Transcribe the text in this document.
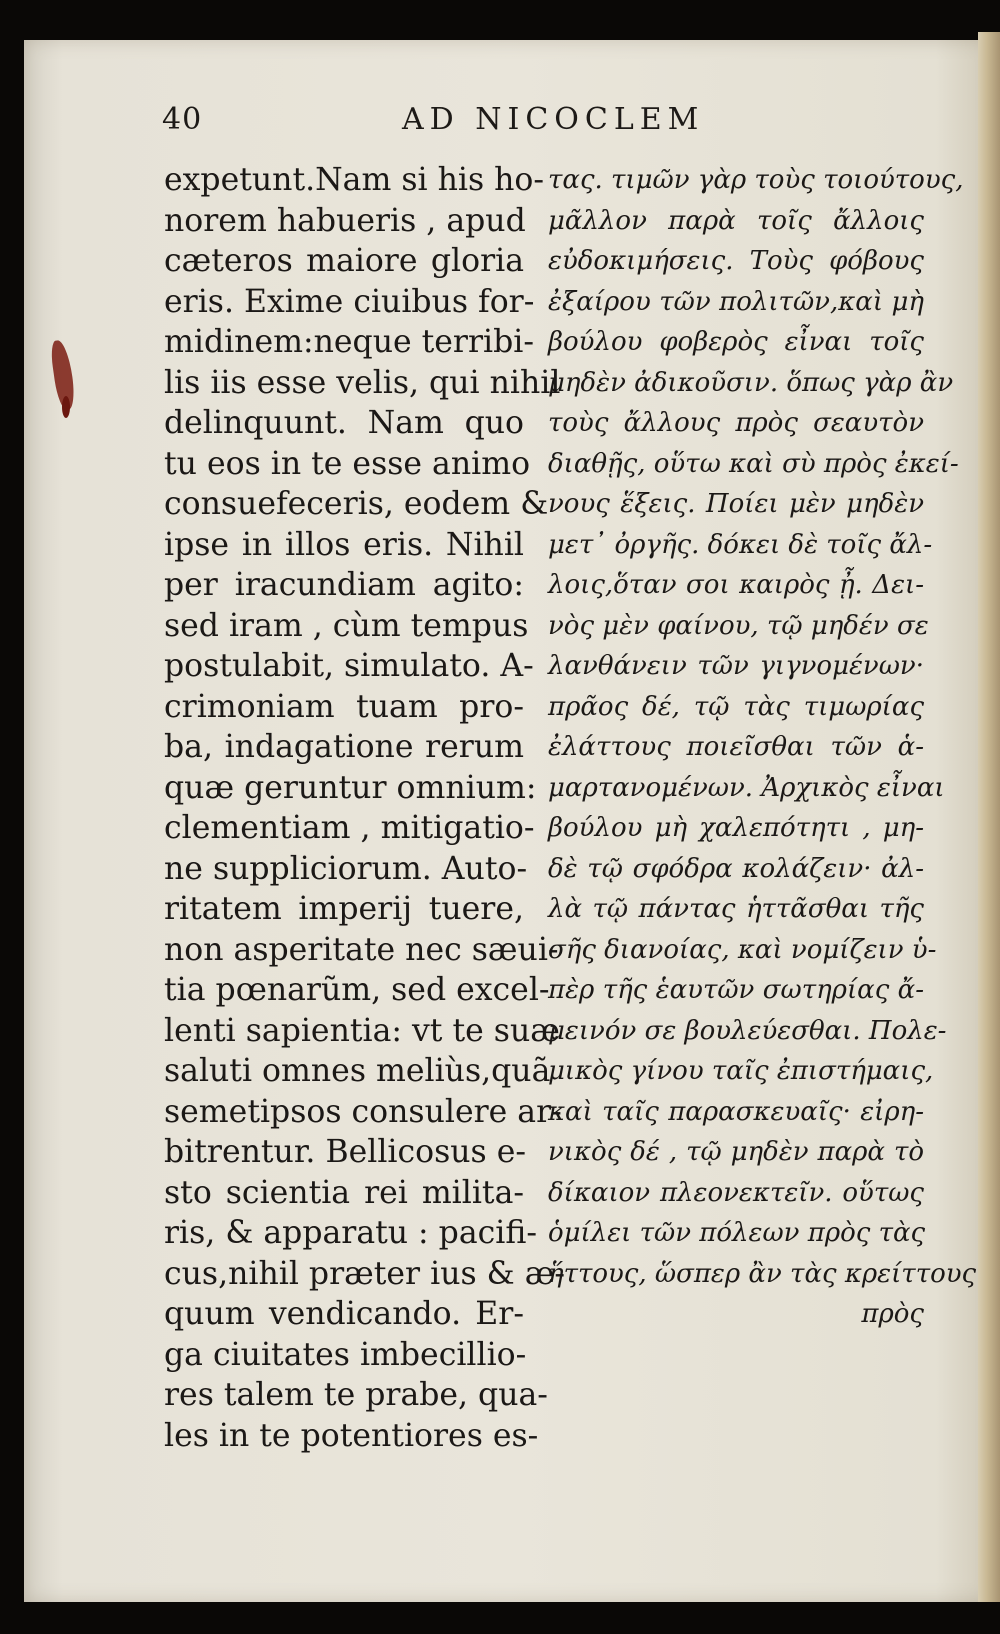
40	AD NICOCLEM
expetunt.Nam si his ho-
norem habueris , apud
cæteros maiore gloria
eris. Exime ciuibus for-
midinem:neque terribi-
lis iis esse velis, qui nihil
delinquunt. Nam quo
tu eos in te esse animo
consuefeceris, eodem &
ipse in illos eris. Nihil
per iracundiam agito:
sed iram , cùm tempus
postulabit, simulato. A-
crimoniam tuam pro-
ba, indagatione rerum
quæ geruntur omnium:
clementiam , mitigatio-
ne suppliciorum. Auto-
ritatem imperij tuere,
non asperitate nec sæui-
tia pœnarũm, sed excel-
lenti sapientia: vt te suæ
saluti omnes meliùs,quã
semetipsos consulere ar-
bitrentur. Bellicosus e-
sto scientia rei milita-
ris, & apparatu : pacifi-
cus,nihil præter ius & æ-
quum vendicando. Er-
ga ciuitates imbecillio-
res talem te prabe, qua-
les in te potentiores es-
τας. τιμῶν γὰρ τοὺς τοιούτους,
μᾶλλον παρὰ τοῖς ἄλλοις
εὐδοκιμήσεις. Τοὺς φόβους
ἐξαίρου τῶν πολιτῶν,καὶ μὴ
βούλου φοβερὸς εἶναι τοῖς
μηδὲν ἀδικοῦσιν. ὅπως γὰρ ἂν
τοὺς ἄλλους πρὸς σεαυτὸν
διαθῇς, οὕτω καὶ σὺ πρὸς ἐκεί-
νους ἕξεις. Ποίει μὲν μηδὲν
μετ᾽ ὀργῆς. δόκει δὲ τοῖς ἄλ-
λοις,ὅταν σοι καιρὸς ᾖ. Δει-
νὸς μὲν φαίνου, τῷ μηδέν σε
λανθάνειν τῶν γιγνομένων·
πρᾶος δέ, τῷ τὰς τιμωρίας
ἐλάττους ποιεῖσθαι τῶν ἁ-
μαρτανομένων. Ἀρχικὸς εἶναι
βούλου μὴ χαλεπότητι , μη-
δὲ τῷ σφόδρα κολάζειν· ἀλ-
λὰ τῷ πάντας ἡττᾶσθαι τῆς
σῆς διανοίας, καὶ νομίζειν ὑ-
πὲρ τῆς ἑαυτῶν σωτηρίας ἄ-
μεινόν σε βουλεύεσθαι. Πολε-
μικὸς γίνου ταῖς ἐπιστήμαις,
καὶ ταῖς παρασκευαῖς· εἰρη-
νικὸς δέ , τῷ μηδὲν παρὰ τὸ
δίκαιον πλεονεκτεῖν. οὕτως
ὁμίλει τῶν πόλεων πρὸς τὰς
ἥττους, ὥσπερ ἂν τὰς κρείττους
πρὸς
